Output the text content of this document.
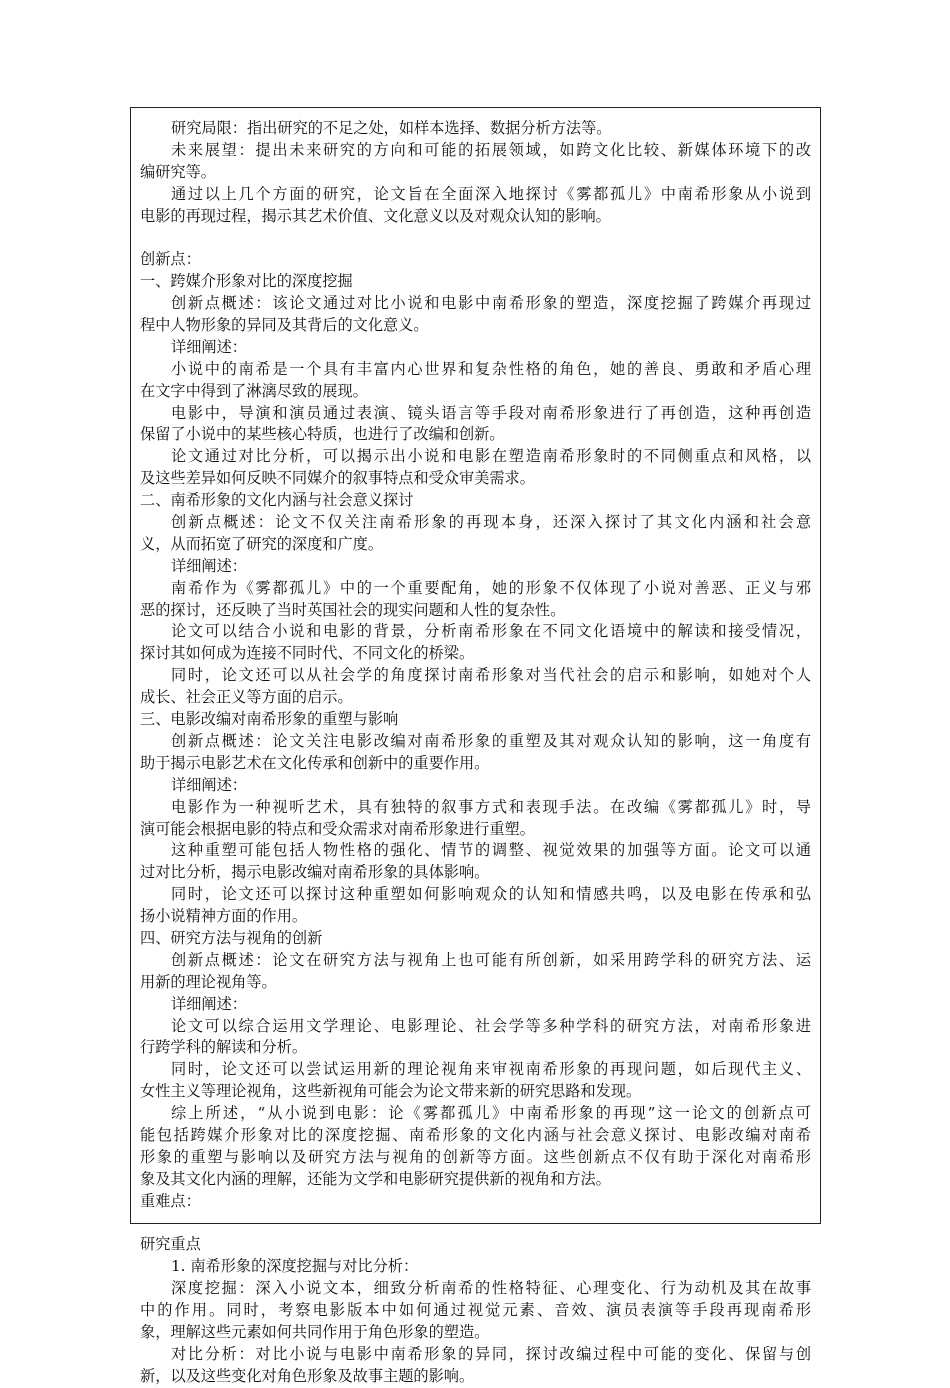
研究局限：指出研究的不足之处，如样本选择、数据分析方法等。
未来展望：提出未来研究的方向和可能的拓展领域，如跨文化比较、新媒体环境下的改
编研究等。
通过以上几个方面的研究，论文旨在全面深入地探讨《雾都孤儿》中南希形象从小说到
电影的再现过程，揭示其艺术价值、文化意义以及对观众认知的影响。
创新点：
一、跨媒介形象对比的深度挖掘
创新点概述：该论文通过对比小说和电影中南希形象的塑造，深度挖掘了跨媒介再现过
程中人物形象的异同及其背后的文化意义。
详细阐述：
小说中的南希是一个具有丰富内心世界和复杂性格的角色，她的善良、勇敢和矛盾心理
在文字中得到了淋漓尽致的展现。
电影中，导演和演员通过表演、镜头语言等手段对南希形象进行了再创造，这种再创造
保留了小说中的某些核心特质，也进行了改编和创新。
论文通过对比分析，可以揭示出小说和电影在塑造南希形象时的不同侧重点和风格，以
及这些差异如何反映不同媒介的叙事特点和受众审美需求。
二、南希形象的文化内涵与社会意义探讨
创新点概述：论文不仅关注南希形象的再现本身，还深入探讨了其文化内涵和社会意
义，从而拓宽了研究的深度和广度。
详细阐述：
南希作为《雾都孤儿》中的一个重要配角，她的形象不仅体现了小说对善恶、正义与邪
恶的探讨，还反映了当时英国社会的现实问题和人性的复杂性。
论文可以结合小说和电影的背景，分析南希形象在不同文化语境中的解读和接受情况，
探讨其如何成为连接不同时代、不同文化的桥梁。
同时，论文还可以从社会学的角度探讨南希形象对当代社会的启示和影响，如她对个人
成长、社会正义等方面的启示。
三、电影改编对南希形象的重塑与影响
创新点概述：论文关注电影改编对南希形象的重塑及其对观众认知的影响，这一角度有
助于揭示电影艺术在文化传承和创新中的重要作用。
详细阐述：
电影作为一种视听艺术，具有独特的叙事方式和表现手法。在改编《雾都孤儿》时，导
演可能会根据电影的特点和受众需求对南希形象进行重塑。
这种重塑可能包括人物性格的强化、情节的调整、视觉效果的加强等方面。论文可以通
过对比分析，揭示电影改编对南希形象的具体影响。
同时，论文还可以探讨这种重塑如何影响观众的认知和情感共鸣，以及电影在传承和弘
扬小说精神方面的作用。
四、研究方法与视角的创新
创新点概述：论文在研究方法与视角上也可能有所创新，如采用跨学科的研究方法、运
用新的理论视角等。
详细阐述：
论文可以综合运用文学理论、电影理论、社会学等多种学科的研究方法，对南希形象进
行跨学科的解读和分析。
同时，论文还可以尝试运用新的理论视角来审视南希形象的再现问题，如后现代主义、
女性主义等理论视角，这些新视角可能会为论文带来新的研究思路和发现。
综上所述，“从小说到电影：论《雾都孤儿》中南希形象的再现”这一论文的创新点可
能包括跨媒介形象对比的深度挖掘、南希形象的文化内涵与社会意义探讨、电影改编对南希
形象的重塑与影响以及研究方法与视角的创新等方面。这些创新点不仅有助于深化对南希形
象及其文化内涵的理解，还能为文学和电影研究提供新的视角和方法。
重难点：
研究重点
1. 南希形象的深度挖掘与对比分析：
深度挖掘：深入小说文本，细致分析南希的性格特征、心理变化、行为动机及其在故事
中的作用。同时，考察电影版本中如何通过视觉元素、音效、演员表演等手段再现南希形
象，理解这些元素如何共同作用于角色形象的塑造。
对比分析：对比小说与电影中南希形象的异同，探讨改编过程中可能的变化、保留与创
新，以及这些变化对角色形象及故事主题的影响。
